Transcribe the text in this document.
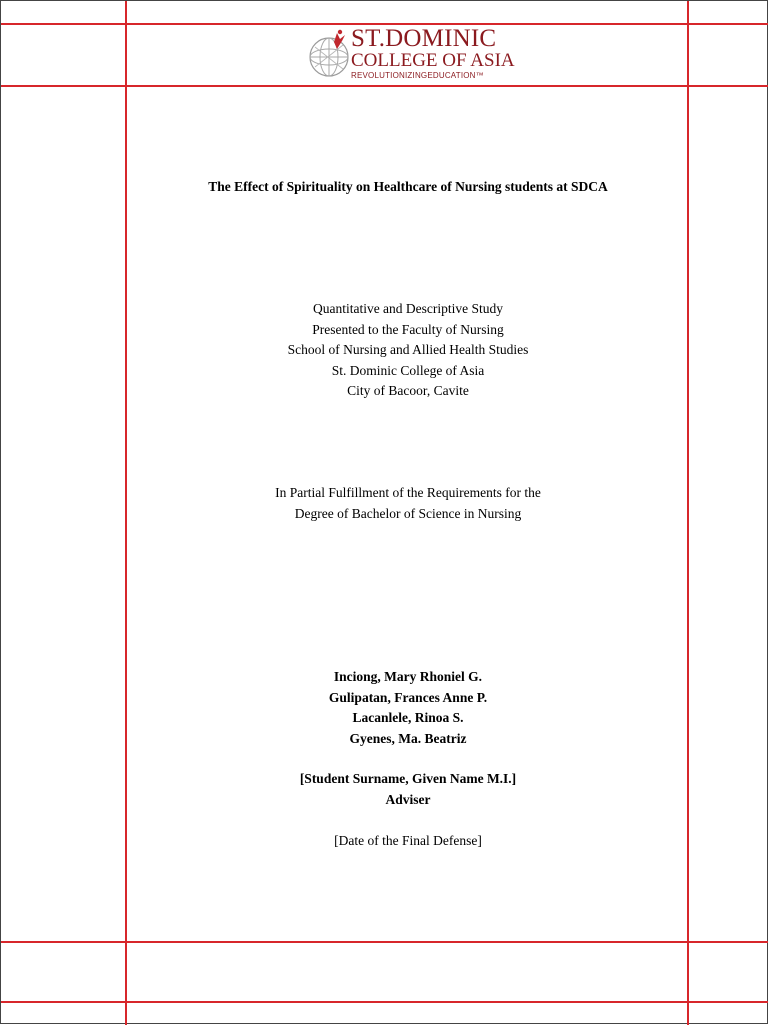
ST.DOMINIC
COLLEGE OF ASIA
REVOLUTIONIZINGEDUCATION™
The Effect of Spirituality on Healthcare of Nursing students at SDCA
Quantitative and Descriptive Study
Presented to the Faculty of Nursing
School of Nursing and Allied Health Studies
St. Dominic College of Asia
City of Bacoor, Cavite
In Partial Fulfillment of the Requirements for the
Degree of Bachelor of Science in Nursing
Inciong, Mary Rhoniel G.
Gulipatan, Frances Anne P.
Lacanlele, Rinoa S.
Gyenes, Ma. Beatriz
[Student Surname, Given Name M.I.]
Adviser
[Date of the Final Defense]
